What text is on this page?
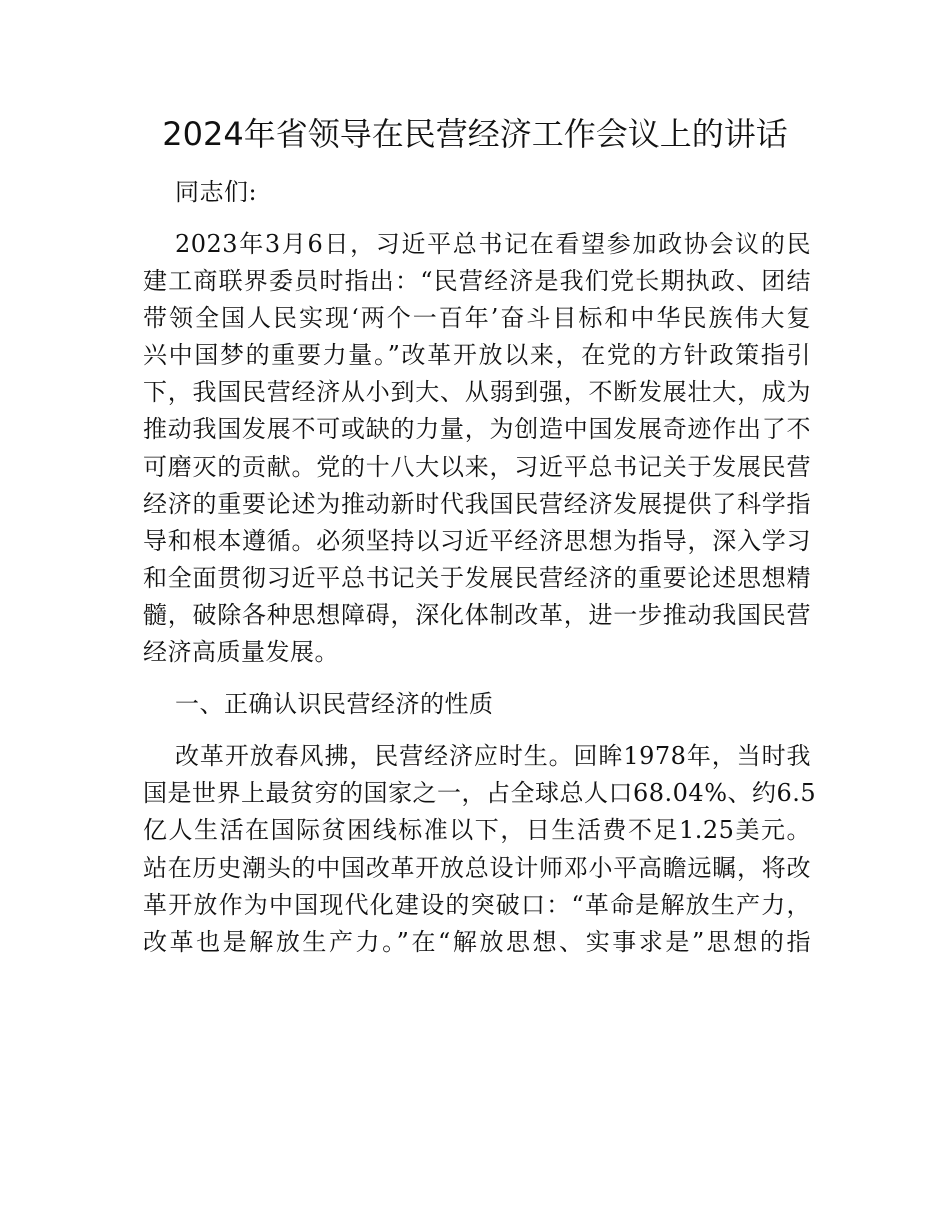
2024年省领导在民营经济工作会议上的讲话
同志们:
2023年3月6日，习近平总书记在看望参加政协会议的民
建工商联界委员时指出：“民营经济是我们党长期执政、团结
带领全国人民实现‘两个一百年’奋斗目标和中华民族伟大复
兴中国梦的重要力量。”改革开放以来，在党的方针政策指引
下，我国民营经济从小到大、从弱到强，不断发展壮大，成为
推动我国发展不可或缺的力量，为创造中国发展奇迹作出了不
可磨灭的贡献。党的十八大以来，习近平总书记关于发展民营
经济的重要论述为推动新时代我国民营经济发展提供了科学指
导和根本遵循。必须坚持以习近平经济思想为指导，深入学习
和全面贯彻习近平总书记关于发展民营经济的重要论述思想精
髓，破除各种思想障碍，深化体制改革，进一步推动我国民营
经济高质量发展。
一、正确认识民营经济的性质
改革开放春风拂，民营经济应时生。回眸1978年，当时我
国是世界上最贫穷的国家之一，占全球总人口68.04%、约6.5
亿人生活在国际贫困线标准以下，日生活费不足1.25美元。
站在历史潮头的中国改革开放总设计师邓小平高瞻远瞩，将改
革开放作为中国现代化建设的突破口：“革命是解放生产力，
改革也是解放生产力。”在“解放思想、实事求是”思想的指
